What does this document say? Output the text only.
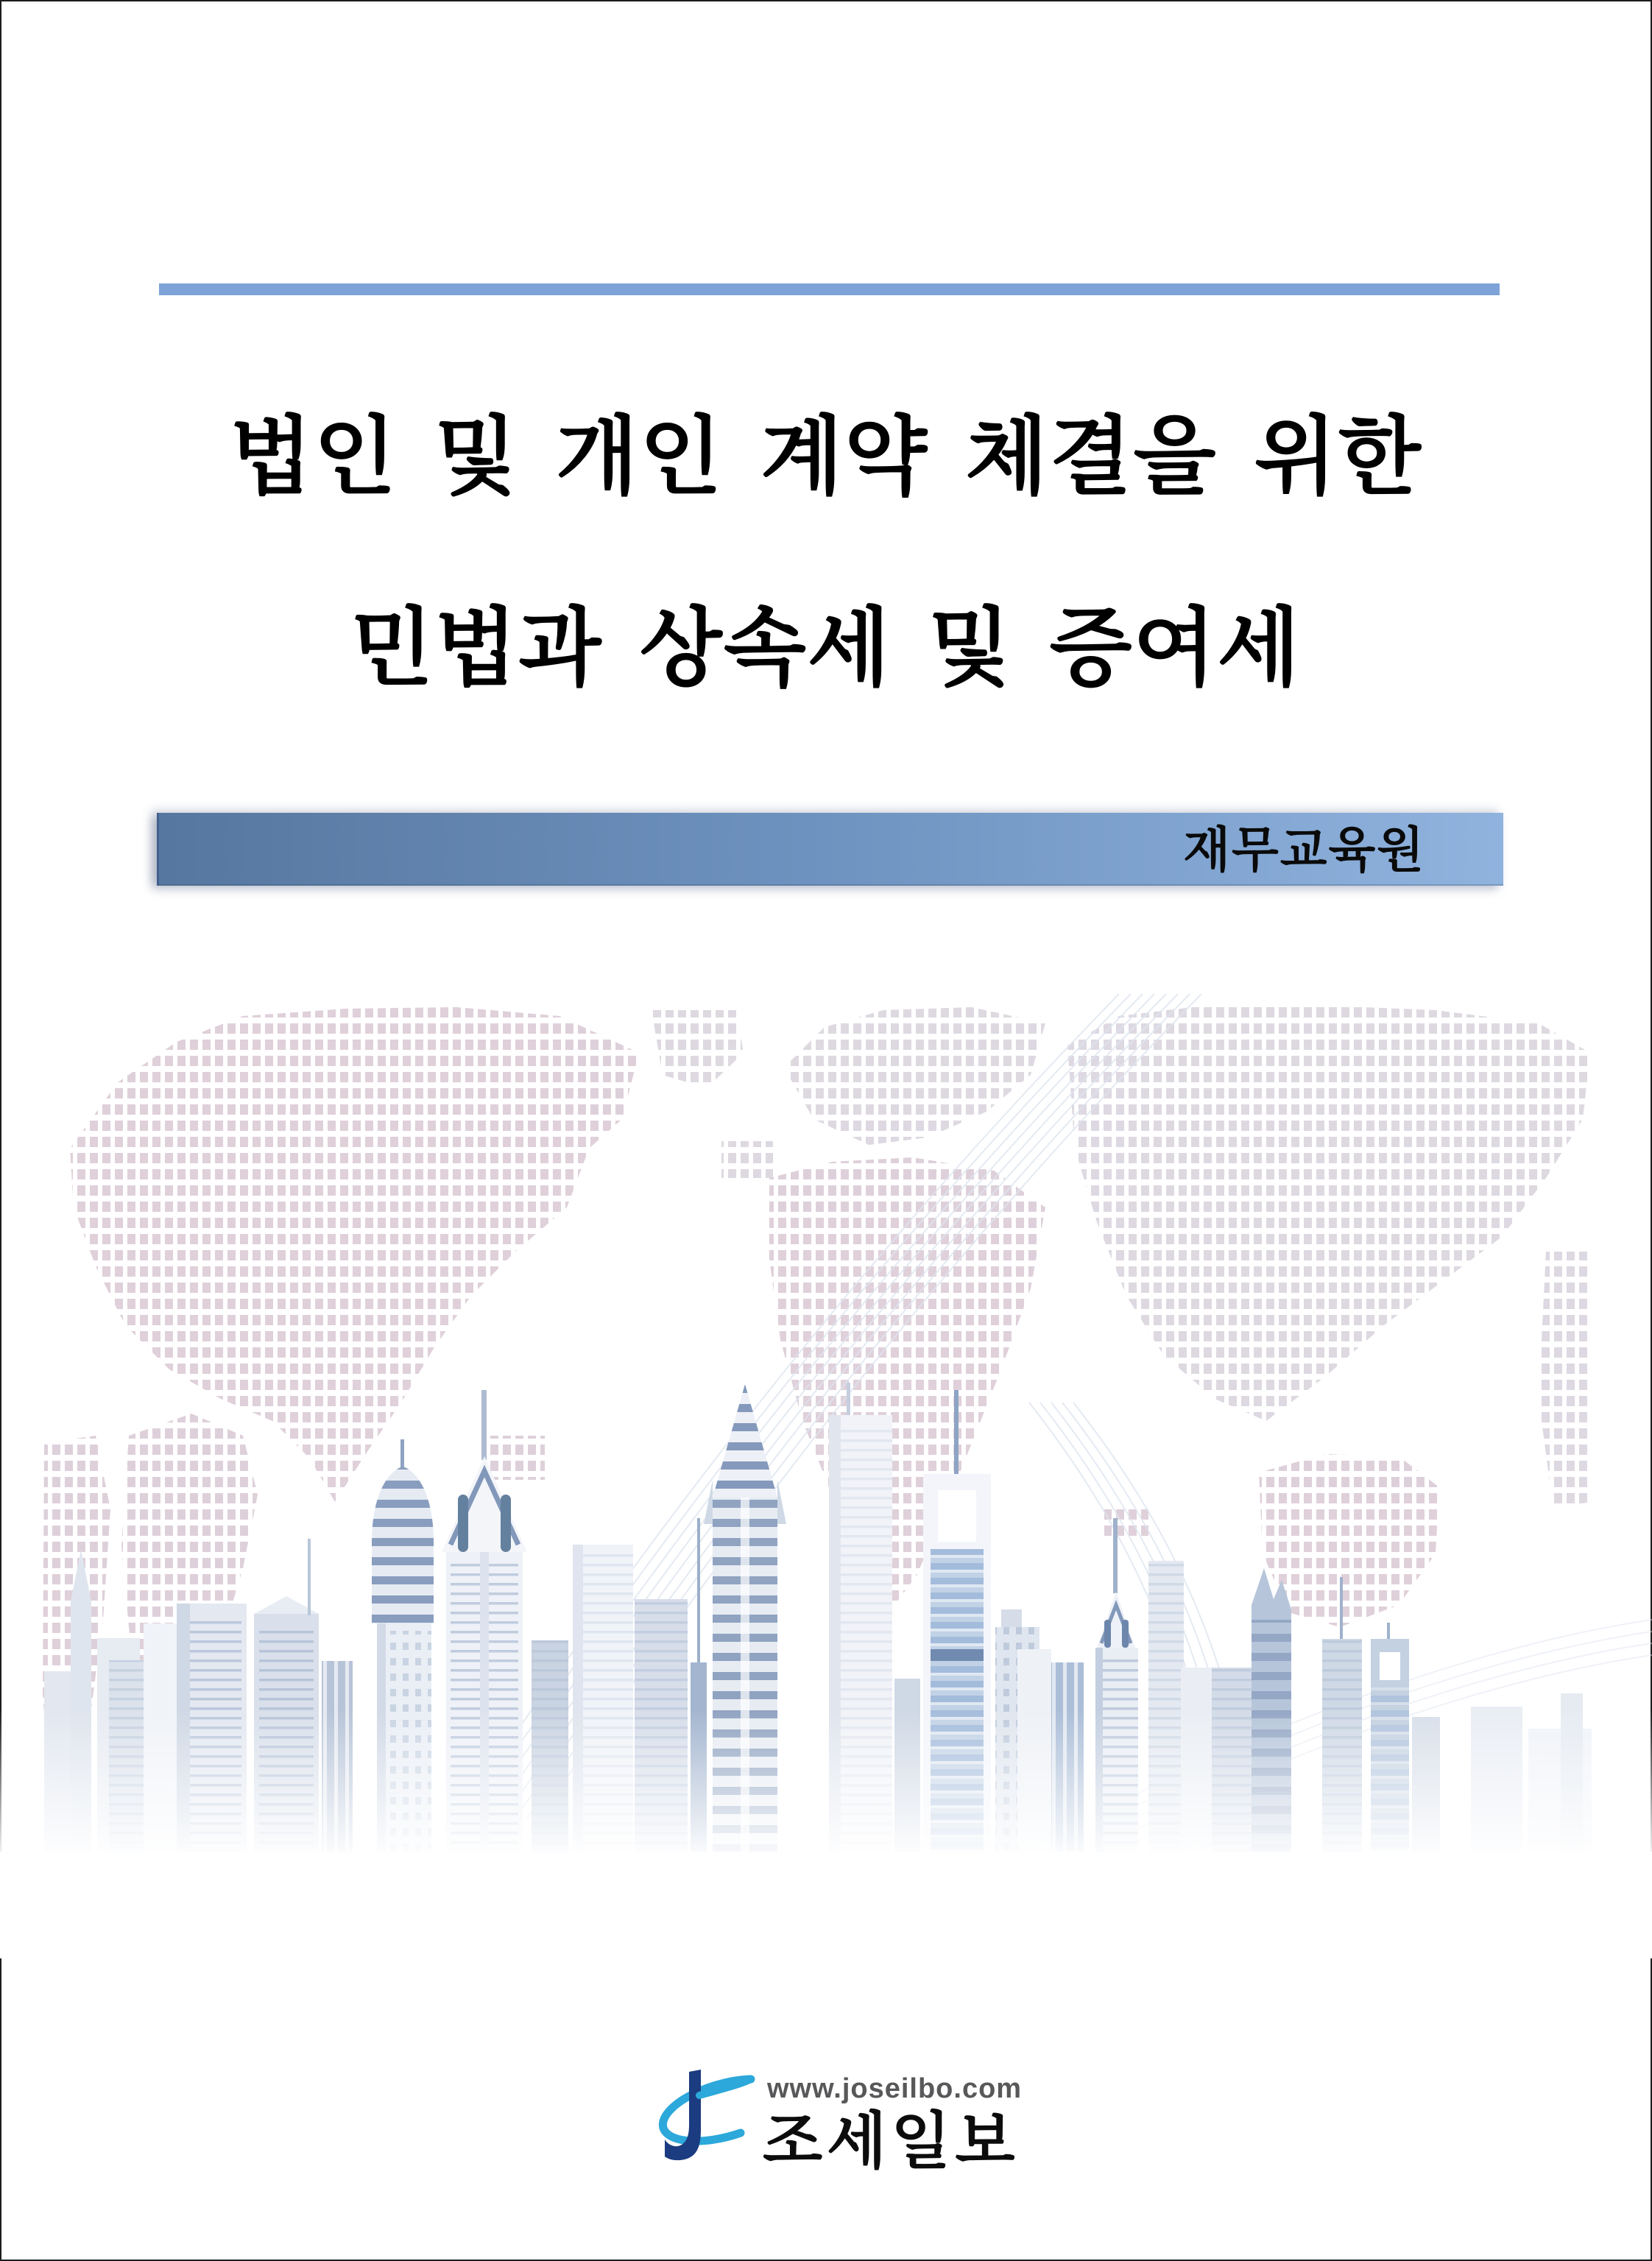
법인 및 개인 계약 체결을 위한
민법과 상속세 및 증여세
재무교육원
www.joseilbo.com
조세일보
